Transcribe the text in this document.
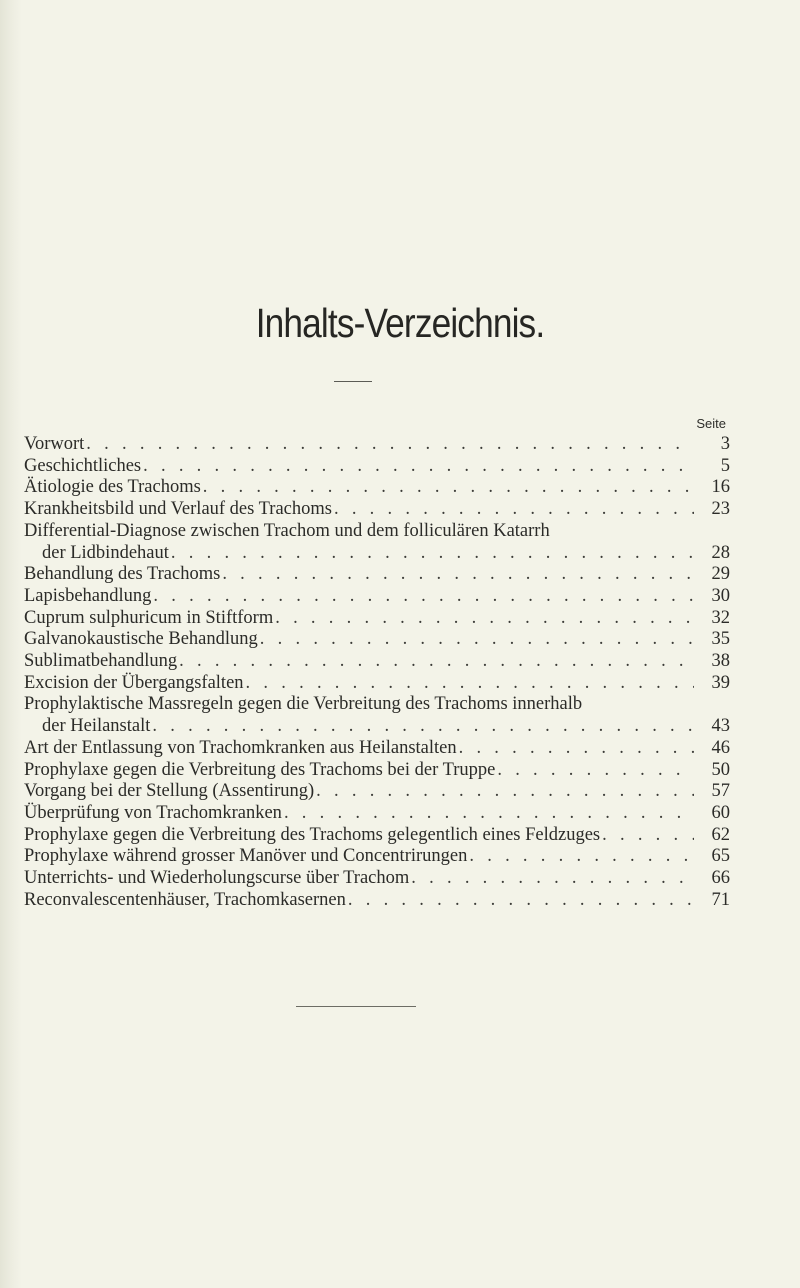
Inhalts-Verzeichnis.
Seite
Vorwort . . .	3
Geschichtliches . . .	5
Ätiologie des Trachoms . . .	16
Krankheitsbild und Verlauf des Trachoms . . .	23
Differential-Diagnose zwischen Trachom und dem folliculären Katarrh
der Lidbindehaut . . .	28
Behandlung des Trachoms . . .	29
Lapisbehandlung . . .	30
Cuprum sulphuricum in Stiftform . . .	32
Galvanokaustische Behandlung . . .	35
Sublimatbehandlung . . .	38
Excision der Übergangsfalten . . .	39
Prophylaktische Massregeln gegen die Verbreitung des Trachoms innerhalb
der Heilanstalt . . .	43
Art der Entlassung von Trachomkranken aus Heilanstalten . . .	46
Prophylaxe gegen die Verbreitung des Trachoms bei der Truppe . . .	50
Vorgang bei der Stellung (Assentirung) . . .	57
Überprüfung von Trachomkranken . . .	60
Prophylaxe gegen die Verbreitung des Trachoms gelegentlich eines Feldzuges . . .	62
Prophylaxe während grosser Manöver und Concentrirungen . . .	65
Unterrichts- und Wiederholungscurse über Trachom . . .	66
Reconvalescentenhäuser, Trachomkasernen . . .	71
